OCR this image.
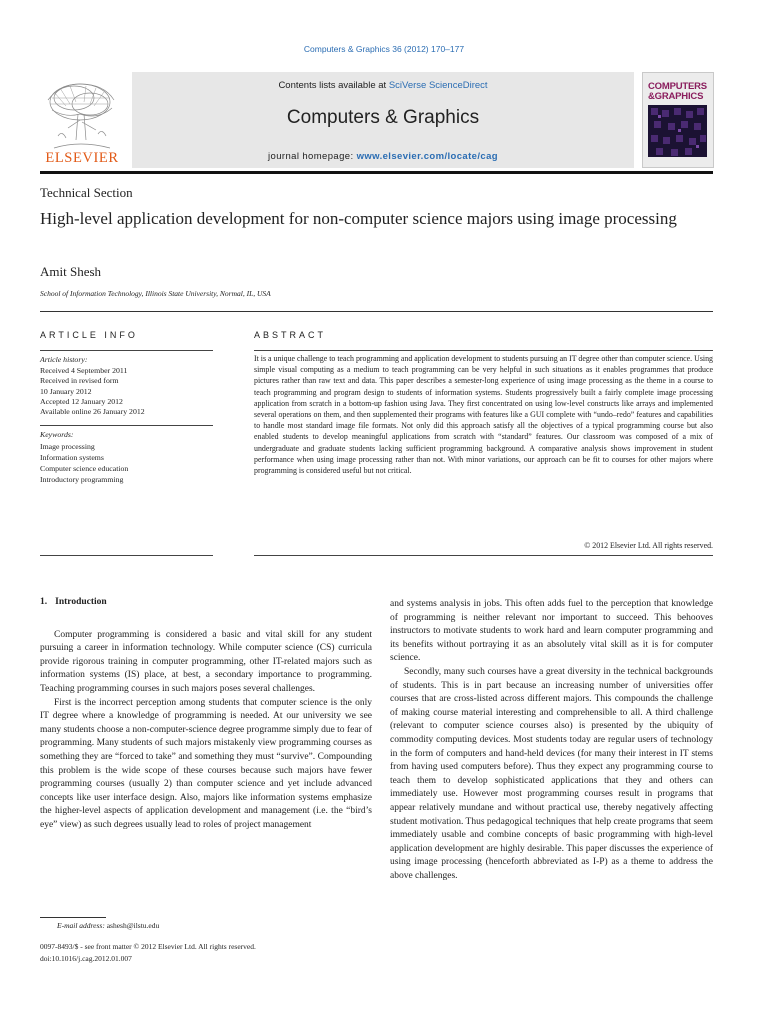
Computers & Graphics 36 (2012) 170–177
Contents lists available at SciVerse ScienceDirect
Computers & Graphics
journal homepage: www.elsevier.com/locate/cag
ELSEVIER
COMPUTERS
&GRAPHICS
Technical Section
High-level application development for non-computer science majors using image processing
Amit Shesh
School of Information Technology, Illinois State University, Normal, IL, USA
ARTICLE INFO
Article history:
Received 4 September 2011
Received in revised form
10 January 2012
Accepted 12 January 2012
Available online 26 January 2012
Keywords:
Image processing
Information systems
Computer science education
Introductory programming
ABSTRACT
It is a unique challenge to teach programming and application development to students pursuing an IT degree other than computer science. Using simple visual computing as a medium to teach programming can be very helpful in such situations as it enables programmes that produce pictures rather than raw text and data. This paper describes a semester-long experience of using image processing as the theme in a course to teach programming and program design to students of information systems. Students progressively built a fairly complete image processing application from scratch in a bottom-up fashion using Java. They first concentrated on using low-level constructs like arrays and implemented several operations on them, and then supplemented their programs with features like a GUI complete with “undo–redo” features and capabilities to handle most standard image file formats. Not only did this approach satisfy all the objectives of a typical programming course but also enabled students to develop meaningful applications from scratch with “standard” features. Our classroom was composed of a mix of undergraduate and graduate students lacking sufficient programming background. A comparative analysis shows improvement in student performance when using image processing rather than not. With minor variations, our approach can be fit to courses for other majors where programming is considered useful but not critical.
© 2012 Elsevier Ltd. All rights reserved.
1. Introduction

Computer programming is considered a basic and vital skill for any student pursuing a career in information technology. While computer science (CS) curricula provide rigorous training in computer programming, other IT-related majors such as information systems (IS) place, at best, a secondary importance to programming. Teaching programming courses in such majors poses several challenges.

First is the incorrect perception among students that computer science is the only IT degree where a knowledge of programming is needed. At our university we see many students choose a non-computer-science degree programme simply due to fear of programming. Many students of such majors mistakenly view programming courses as something they are “forced to take” and something they must “survive”. Compounding this problem is the wide scope of these courses because such majors have fewer programming courses (usually 2) than computer science and yet include advanced concepts like user interface design. Also, majors like information systems emphasize the higher-level aspects of application development and management (i.e. the “bird’s eye” view) as such degrees usually lead to roles of project management

and systems analysis in jobs. This often adds fuel to the perception that knowledge of programming is neither relevant nor important to succeed. This behooves instructors to motivate students to work hard and learn computer programming and its benefits without portraying it as an absolutely vital skill as it is for computer science.

Secondly, many such courses have a great diversity in the technical backgrounds of students. This is in part because an increasing number of universities offer courses that are cross-listed across different majors. This compounds the challenge of making course material interesting and comprehensible to all. A third challenge (relevant to computer science courses also) is presented by the ubiquity of commodity computing devices. Most students today are regular users of technology in the form of computers and hand-held devices (for many their interest in IT stems from having used computers before). Thus they expect any programming course to teach them to develop sophisticated applications that they and others can immediately use. However most programming courses result in programs that appear relatively mundane and without practical use, thereby negatively affecting student motivation. Thus pedagogical techniques that help create programs that seem immediately usable and combine concepts of basic programming with high-level application development are highly desirable. This paper discusses the experience of using image processing (henceforth abbreviated as I-P) as a theme to address the above challenges.

E-mail address: ashesh@ilstu.edu
0097-8493/$ - see front matter © 2012 Elsevier Ltd. All rights reserved.
doi:10.1016/j.cag.2012.01.007
